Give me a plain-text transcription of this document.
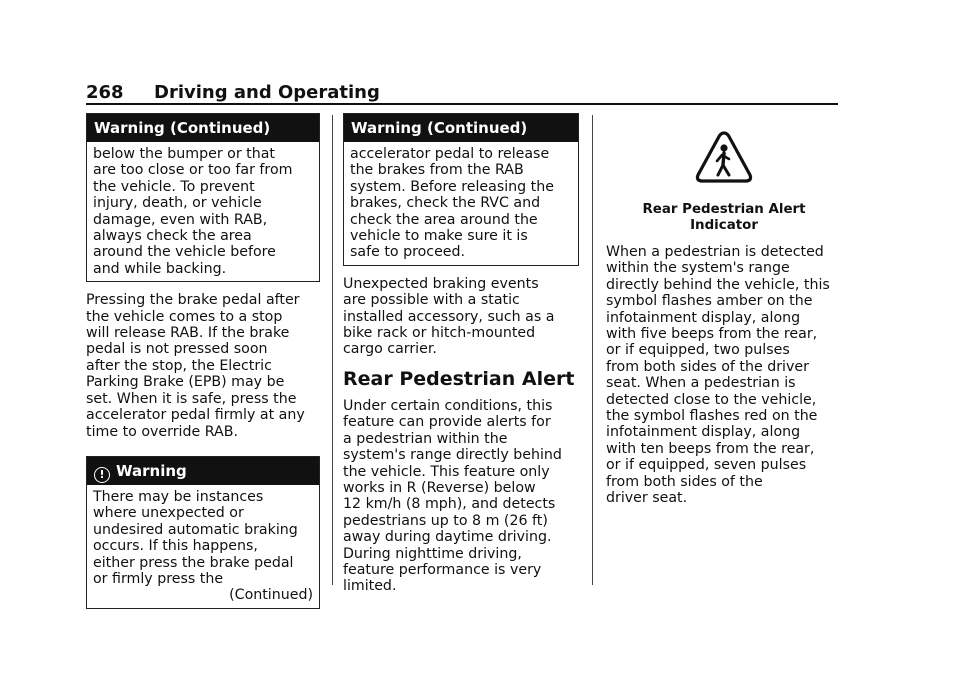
268 Driving and Operating
Warning (Continued)
below the bumper or that
are too close or too far from
the vehicle. To prevent
injury, death, or vehicle
damage, even with RAB,
always check the area
around the vehicle before
and while backing.
Pressing the brake pedal after
the vehicle comes to a stop
will release RAB. If the brake
pedal is not pressed soon
after the stop, the Electric
Parking Brake (EPB) may be
set. When it is safe, press the
accelerator pedal firmly at any
time to override RAB.
! Warning
There may be instances
where unexpected or
undesired automatic braking
occurs. If this happens,
either press the brake pedal
or firmly press the
(Continued)
Warning (Continued)
accelerator pedal to release
the brakes from the RAB
system. Before releasing the
brakes, check the RVC and
check the area around the
vehicle to make sure it is
safe to proceed.
Unexpected braking events
are possible with a static
installed accessory, such as a
bike rack or hitch-mounted
cargo carrier.
Rear Pedestrian Alert
Under certain conditions, this
feature can provide alerts for
a pedestrian within the
system's range directly behind
the vehicle. This feature only
works in R (Reverse) below
12 km/h (8 mph), and detects
pedestrians up to 8 m (26 ft)
away during daytime driving.
During nighttime driving,
feature performance is very
limited.
Rear Pedestrian Alert
Indicator
When a pedestrian is detected
within the system's range
directly behind the vehicle, this
symbol flashes amber on the
infotainment display, along
with five beeps from the rear,
or if equipped, two pulses
from both sides of the driver
seat. When a pedestrian is
detected close to the vehicle,
the symbol flashes red on the
infotainment display, along
with ten beeps from the rear,
or if equipped, seven pulses
from both sides of the
driver seat.
